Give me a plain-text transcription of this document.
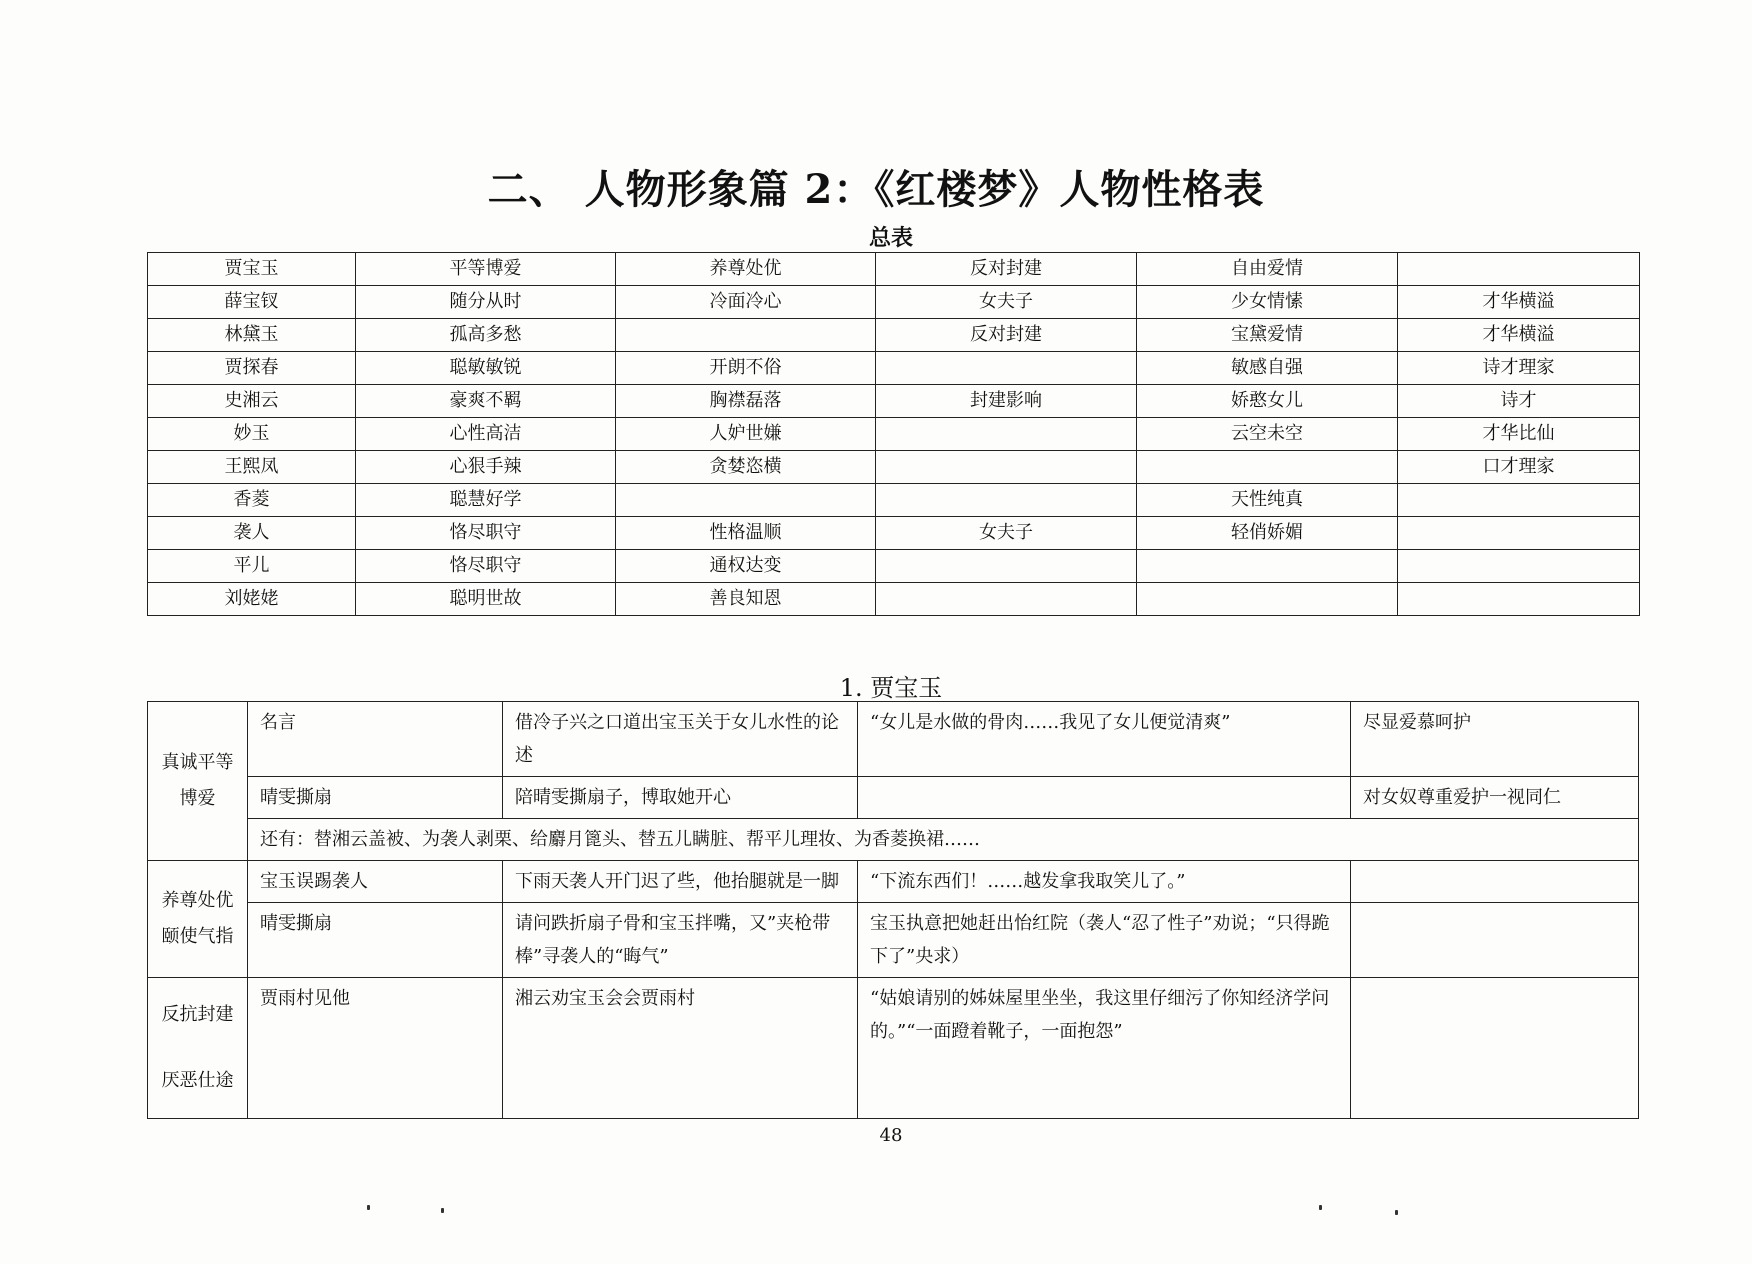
二、 人物形象篇 2：《红楼梦》人物性格表
总表
贾宝玉	平等博爱	养尊处优	反对封建	自由爱情	
薛宝钗	随分从时	冷面冷心	女夫子	少女情愫	才华横溢
林黛玉	孤高多愁		反对封建	宝黛爱情	才华横溢
贾探春	聪敏敏锐	开朗不俗		敏感自强	诗才理家
史湘云	豪爽不羁	胸襟磊落	封建影响	娇憨女儿	诗才
妙玉	心性高洁	人妒世嫌		云空未空	才华比仙
王熙凤	心狠手辣	贪婪恣横			口才理家
香菱	聪慧好学			天性纯真	
袭人	恪尽职守	性格温顺	女夫子	轻俏娇媚	
平儿	恪尽职守	通权达变			
刘姥姥	聪明世故	善良知恩			
1. 贾宝玉
真诚平等
博爱	名言	借冷子兴之口道出宝玉关于女儿水性的论述	“女儿是水做的骨肉……我见了女儿便觉清爽”	尽显爱慕呵护
	晴雯撕扇	陪晴雯撕扇子，博取她开心		对女奴尊重爱护一视同仁
	还有：替湘云盖被、为袭人剥栗、给麝月篦头、替五儿瞒脏、帮平儿理妆、为香菱换裙……			

养尊处优
颐使气指	宝玉误踢袭人	下雨天袭人开门迟了些，他抬腿就是一脚	“下流东西们！……越发拿我取笑儿了。”	
	晴雯撕扇	请问跌折扇子骨和宝玉拌嘴，又”夹枪带棒”寻袭人的“晦气”	宝玉执意把她赶出怡红院（袭人“忍了性子”劝说；“只得跪下了”央求）	

反抗封建
厌恶仕途	贾雨村见他	湘云劝宝玉会会贾雨村	“姑娘请别的姊妹屋里坐坐，我这里仔细污了你知经济学问的。”“一面蹬着靴子，一面抱怨”	
48
